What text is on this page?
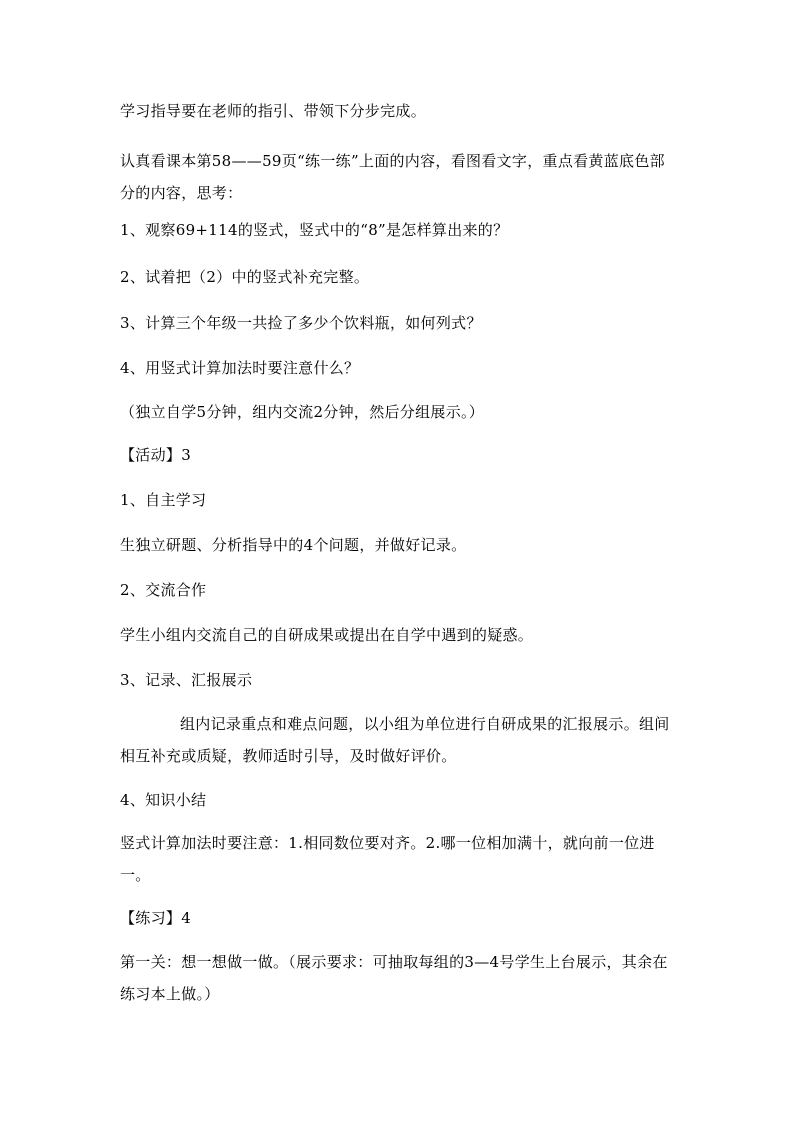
学习指导要在老师的指引、带领下分步完成。

认真看课本第58——59页“练一练”上面的内容，看图看文字，重点看黄蓝底色部分的内容，思考：

1、观察69+114的竖式，竖式中的“8”是怎样算出来的？

2、试着把（2）中的竖式补充完整。

3、计算三个年级一共捡了多少个饮料瓶，如何列式？

4、用竖式计算加法时要注意什么？

（独立自学5分钟，组内交流2分钟，然后分组展示。）

【活动】3

1、自主学习

生独立研题、分析指导中的4个问题，并做好记录。

2、交流合作

学生小组内交流自己的自研成果或提出在自学中遇到的疑惑。

3、记录、汇报展示

组内记录重点和难点问题，以小组为单位进行自研成果的汇报展示。组间相互补充或质疑，教师适时引导，及时做好评价。

4、知识小结

竖式计算加法时要注意：1.相同数位要对齐。2.哪一位相加满十，就向前一位进一。

【练习】4

第一关：想一想做一做。（展示要求：可抽取每组的3—4号学生上台展示，其余在练习本上做。）
